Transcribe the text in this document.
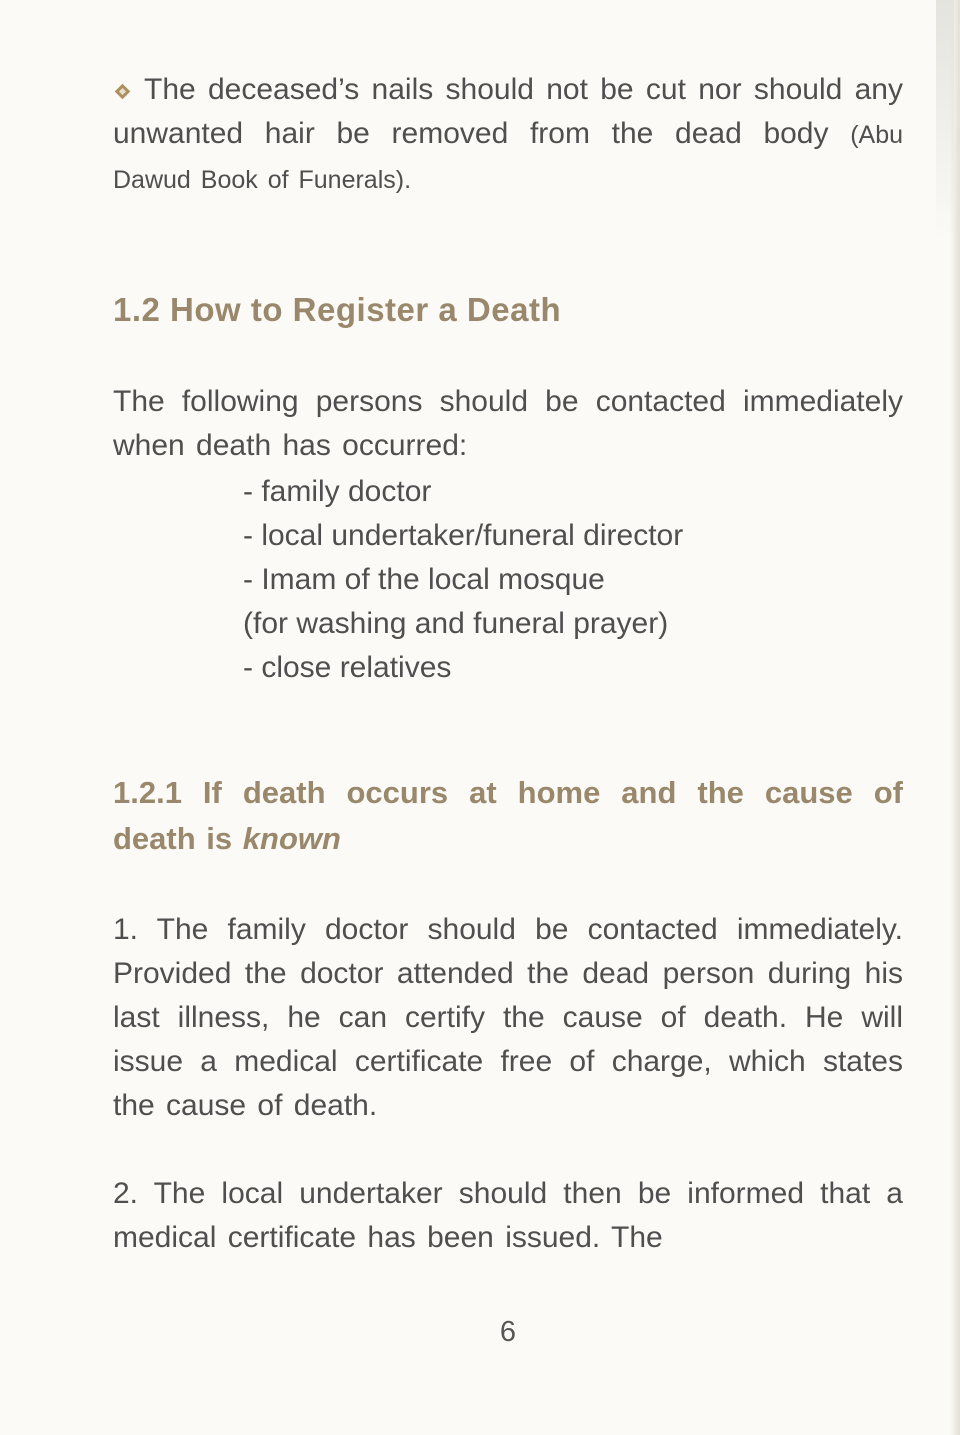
The deceased’s nails should not be cut nor should any unwanted hair be removed from the dead body (Abu Dawud Book of Funerals).

1.2 How to Register a Death

The following persons should be contacted immediately when death has occurred:

- family doctor
- local undertaker/funeral director
- Imam of the local mosque
(for washing and funeral prayer)
- close relatives
1.2.1 If death occurs at home and the cause of death is known

1. The family doctor should be contacted immediately. Provided the doctor attended the dead person during his last illness, he can certify the cause of death. He will issue a medical certificate free of charge, which states the cause of death.

2. The local undertaker should then be informed that a medical certificate has been issued. The

6
